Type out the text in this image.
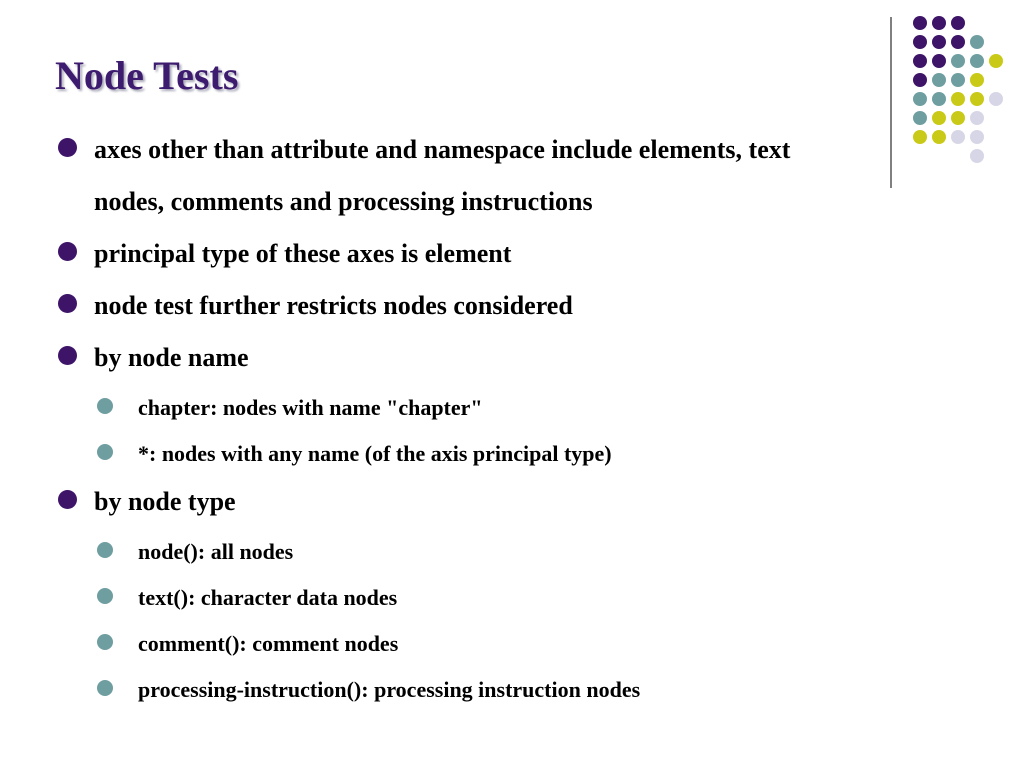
Node Tests
axes other than attribute and namespace include elements, text
nodes, comments and processing instructions
principal type of these axes is element
node test further restricts nodes considered
by node name
chapter: nodes with name "chapter"
*: nodes with any name (of the axis principal type)
by node type
node(): all nodes
text(): character data nodes
comment(): comment nodes
processing-instruction(): processing instruction nodes
